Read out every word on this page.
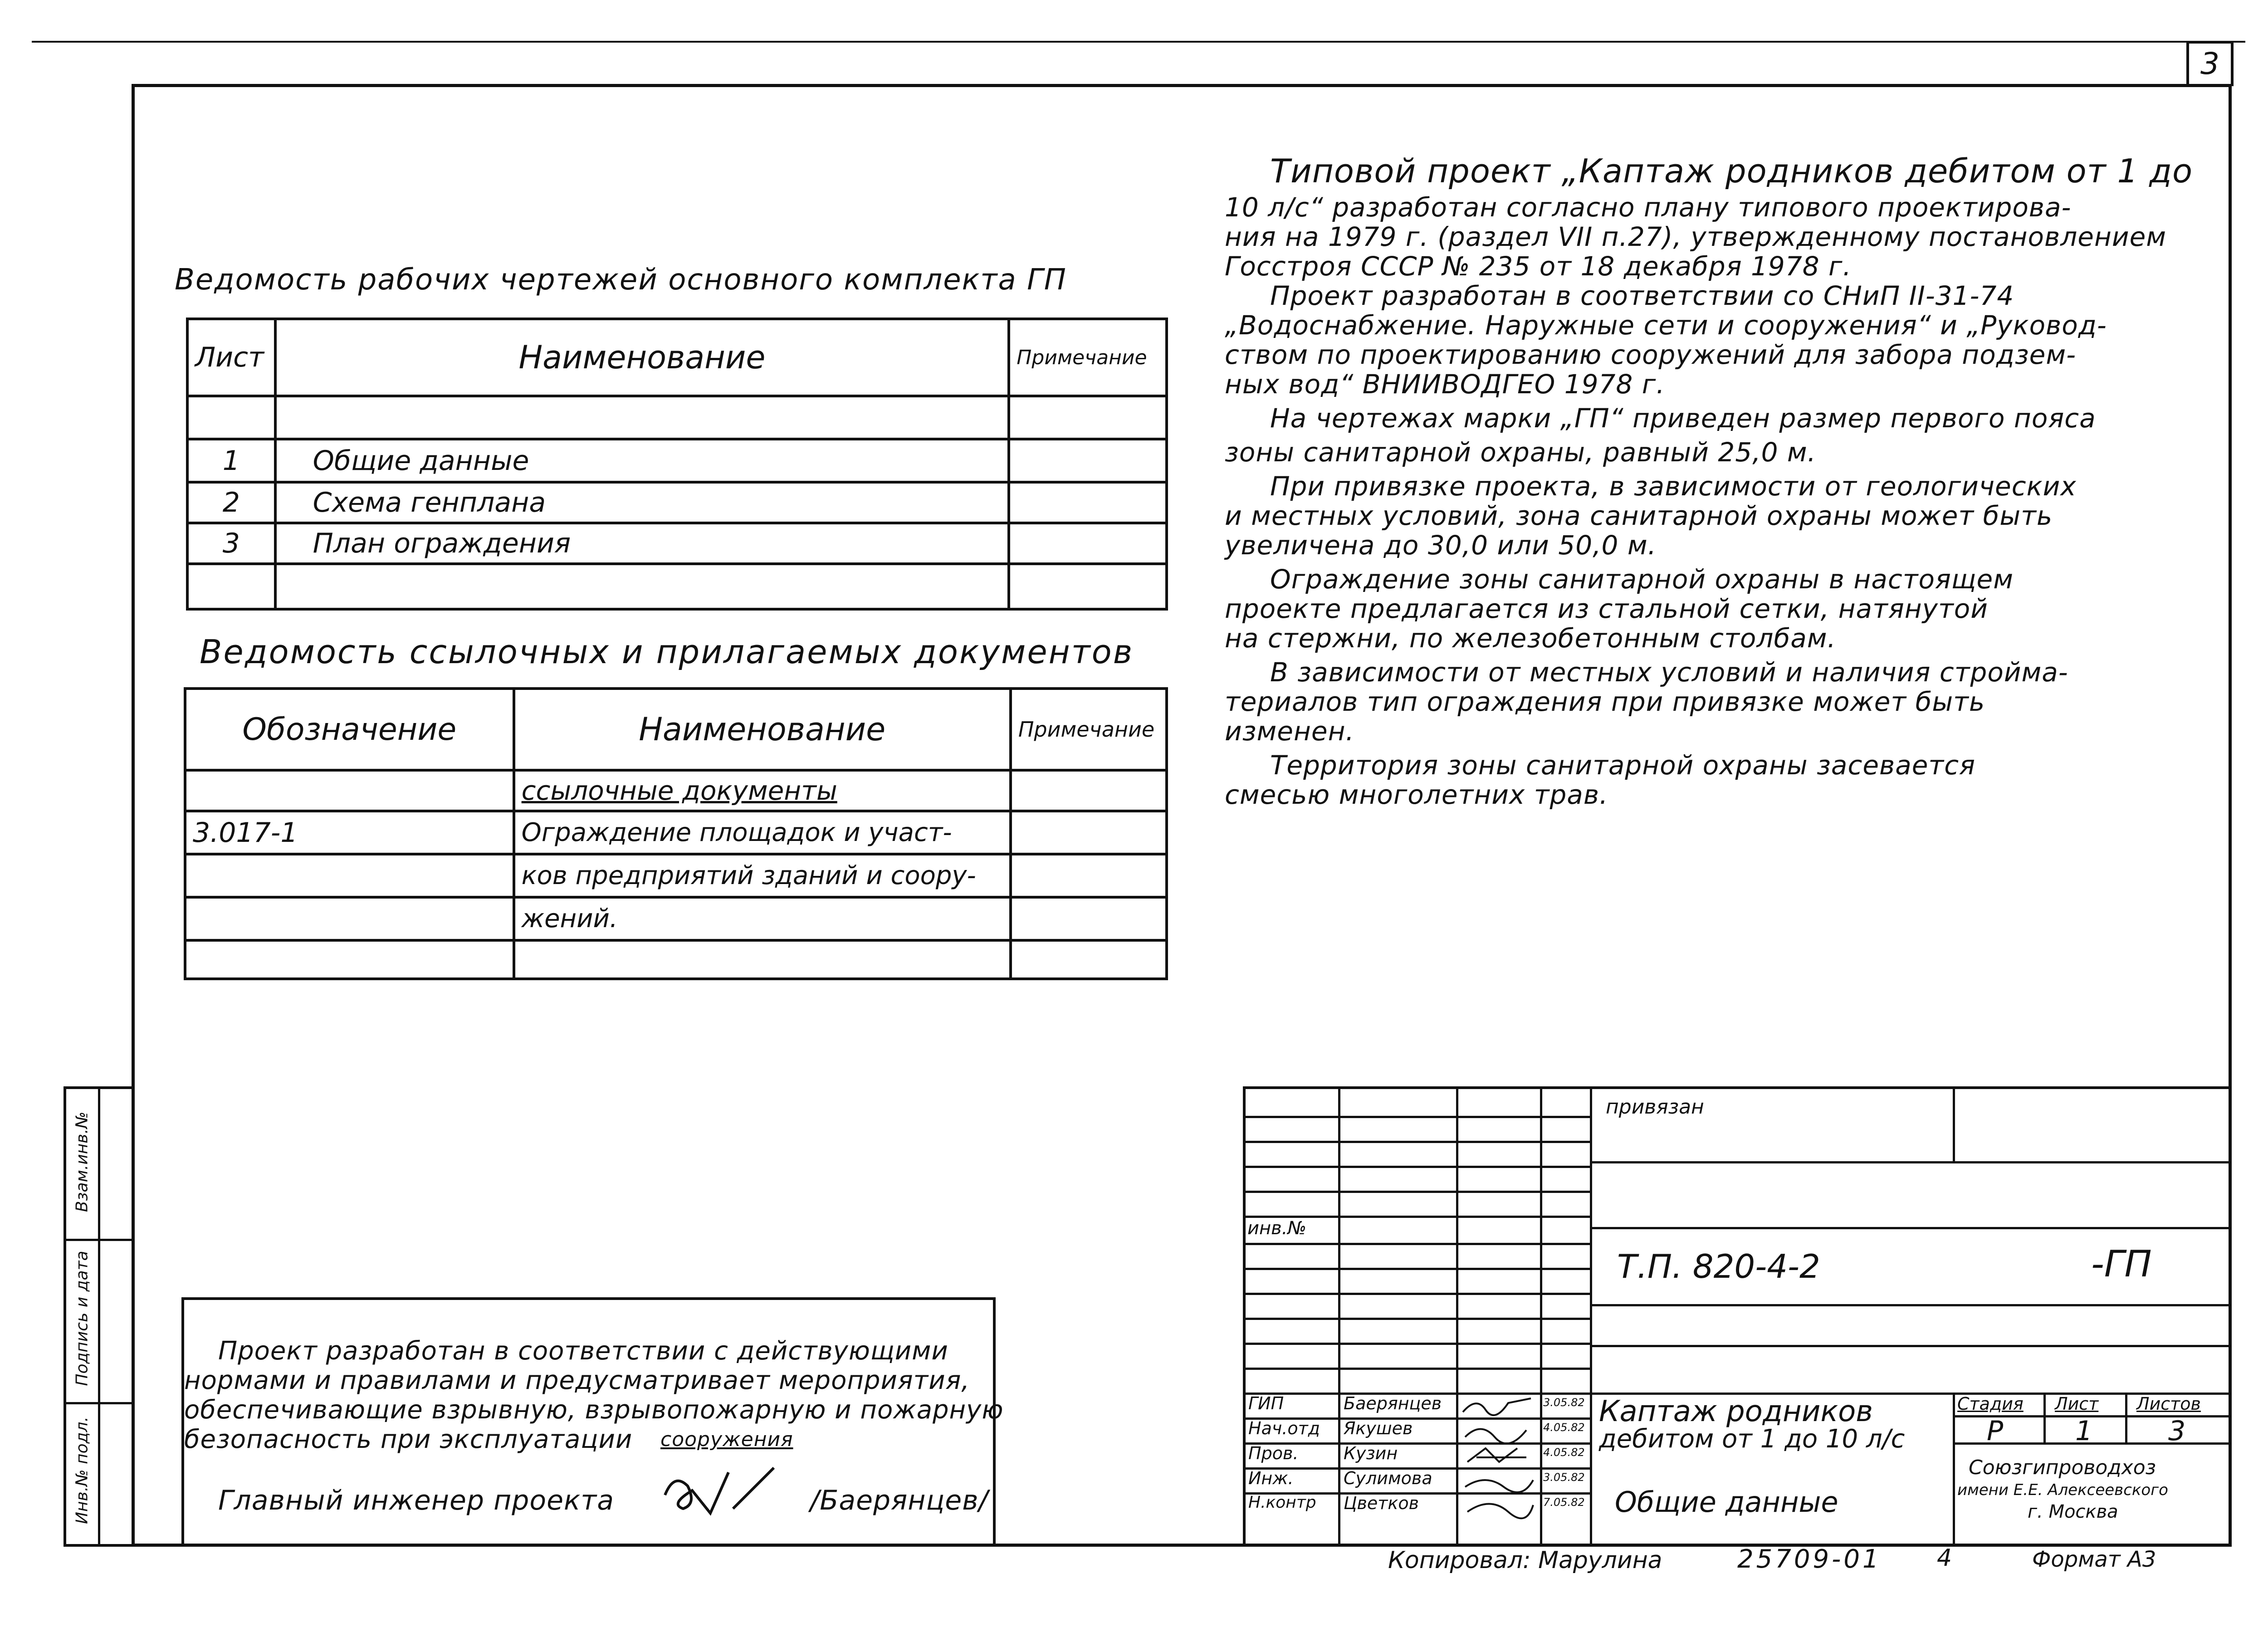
3
Инв.№ подл.
Подпись и дата
Взам.инв.№
Ведомость рабочих чертежей основного комплекта ГП
Лист	Наименование	Примечание

1	Общие данные	
2	Схема генплана	
3	План ограждения	

Ведомость ссылочных и прилагаемых документов
Обозначение	Наименование	Примечание
	ссылочные документы	
3.017-1	Ограждение площадок и участ-	
	ков предприятий зданий и соору-	
	жений.	

Типовой проект „Каптаж родников дебитом от 1 до
10 л/с“ разработан согласно плану типового проектирова-
ния на 1979 г. (раздел VII п.27), утвержденному постановлением
Госстроя СССР № 235 от 18 декабря 1978 г.
Проект разработан в соответствии со СНиП II-31-74
„Водоснабжение. Наружные сети и сооружения“ и „Руковод-
ством по проектированию сооружений для забора подзем-
ных вод“ ВНИИВОДГЕО 1978 г.
На чертежах марки „ГП“ приведен размер первого пояса
зоны санитарной охраны, равный 25,0 м.
При привязке проекта, в зависимости от геологических
и местных условий, зона санитарной охраны может быть
увеличена до 30,0 или 50,0 м.
Ограждение зоны санитарной охраны в настоящем
проекте предлагается из стальной сетки, натянутой
на стержни, по железобетонным столбам.
В зависимости от местных условий и наличия стройма-
териалов тип ограждения при привязке может быть
изменен.
Территория зоны санитарной охраны засевается
смесью многолетних трав.
Проект разработан в соответствии с действующими
нормами и правилами и предусматривает мероприятия,
обеспечивающие взрывную, взрывопожарную и пожарную
безопасность при эксплуатации сооружения
Главный инженер проекта	/Баерянцев/
привязан
инв.№
Т.П. 820-4-2	-ГП
Каптаж родников
дебитом от 1 до 10 л/с
Общие данные
Стадия Лист Листов
Р	1	3
Союзгипроводхоз
имени Е.Е. Алексеевского
г. Москва
ГИП	Баерянцев	3.05.82
Нач.отд Якушев	4.05.82
Пров.	Кузин	4.05.82
Инж.	Сулимова	3.05.82
Н.контр Цветков	7.05.82
Копировал: Марулина	25709-01 4	Формат А3
